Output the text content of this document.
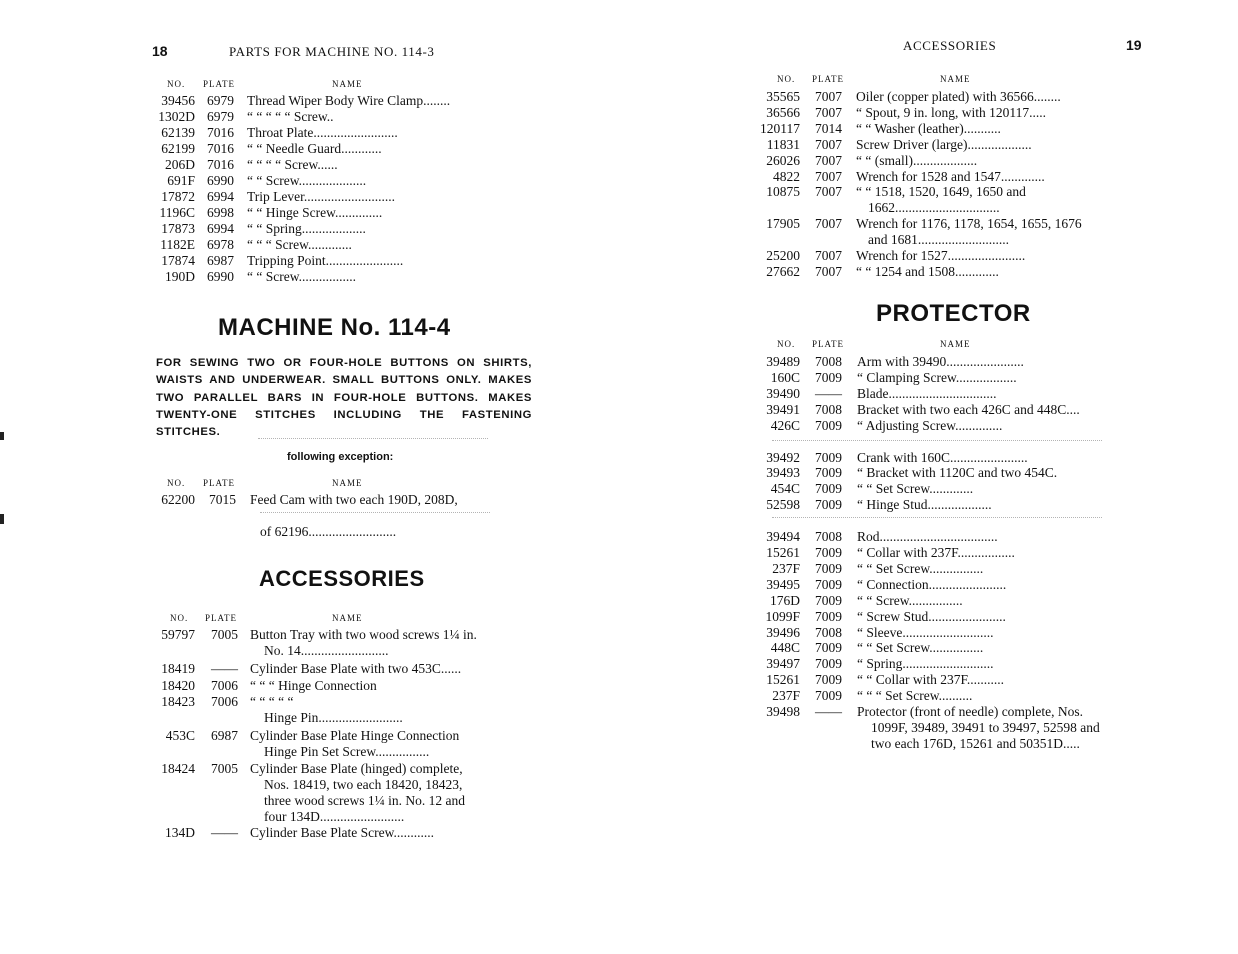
18	PARTS FOR MACHINE NO. 114-3
NO. PLATE	NAME
39456 6979 Thread Wiper Body Wire Clamp........
1302D 6979 “ “ “ “ “ Screw..
62139 7016 Throat Plate.........................
62199 7016 “ “ Needle Guard............
206D 7016 “ “ “ “ Screw......
691F 6990 “ “ Screw....................
17872 6994 Trip Lever...........................
1196C 6998 “ “ Hinge Screw..............
17873 6994 “ “ Spring...................
1182E 6978 “ “ “ Screw.............
17874 6987 Tripping Point.......................
190D 6990 “ “ Screw.................
MACHINE No. 114-4
FOR SEWING TWO OR FOUR-HOLE BUTTONS ON SHIRTS, WAISTS AND UNDERWEAR. SMALL BUTTONS ONLY. MAKES TWO PARALLEL BARS IN FOUR-HOLE BUTTONS. MAKES TWENTY-ONE STITCHES INCLUDING THE FASTENING STITCHES.
following exception:
NO. PLATE	NAME
62200	7015 Feed Cam with two each 190D, 208D,
of 62196..........................
ACCESSORIES
NO. PLATE	NAME
59797	7005 Button Tray with two wood screws 1¼ in.
No. 14..........................
18419	—— Cylinder Base Plate with two 453C......
18420	7006 “ “ “ Hinge Connection
18423	7006 “ “ “ “ “
Hinge Pin.........................
453C	6987 Cylinder Base Plate Hinge Connection
Hinge Pin Set Screw................
18424	7005 Cylinder Base Plate (hinged) complete,
Nos. 18419, two each 18420, 18423,
three wood screws 1¼ in. No. 12 and
four 134D.........................
134D	—— Cylinder Base Plate Screw............
ACCESSORIES	19
NO. PLATE	NAME
35565	7007 Oiler (copper plated) with 36566........
36566	7007 “ Spout, 9 in. long, with 120117.....
120117	7014 “ “ Washer (leather)...........
11831	7007 Screw Driver (large)...................
26026	7007 “ “ (small)...................
4822	7007 Wrench for 1528 and 1547.............
10875	7007 “ “ 1518, 1520, 1649, 1650 and
1662...............................
17905	7007 Wrench for 1176, 1178, 1654, 1655, 1676
and 1681...........................
25200	7007 Wrench for 1527.......................
27662	7007 “ “ 1254 and 1508.............
PROTECTOR
NO. PLATE	NAME
39489	7008 Arm with 39490.......................
160C	7009 “ Clamping Screw..................
39490	—— Blade................................
39491	7008 Bracket with two each 426C and 448C....
426C	7009 “ Adjusting Screw..............
39492	7009 Crank with 160C.......................
39493	7009 “ Bracket with 1120C and two 454C.
454C	7009 “ “ Set Screw.............
52598	7009 “ Hinge Stud...................
39494	7008 Rod...................................
15261	7009 “ Collar with 237F.................
237F	7009 “ “ Set Screw................
39495	7009 “ Connection.......................
176D	7009 “ “ Screw................
1099F	7009 “ Screw Stud.......................
39496	7008 “ Sleeve...........................
448C	7009 “ “ Set Screw................
39497	7009 “ Spring...........................
15261	7009 “ “ Collar with 237F...........
237F	7009 “ “ “ Set Screw..........
39498	—— Protector (front of needle) complete, Nos.
1099F, 39489, 39491 to 39497, 52598 and
two each 176D, 15261 and 50351D.....
